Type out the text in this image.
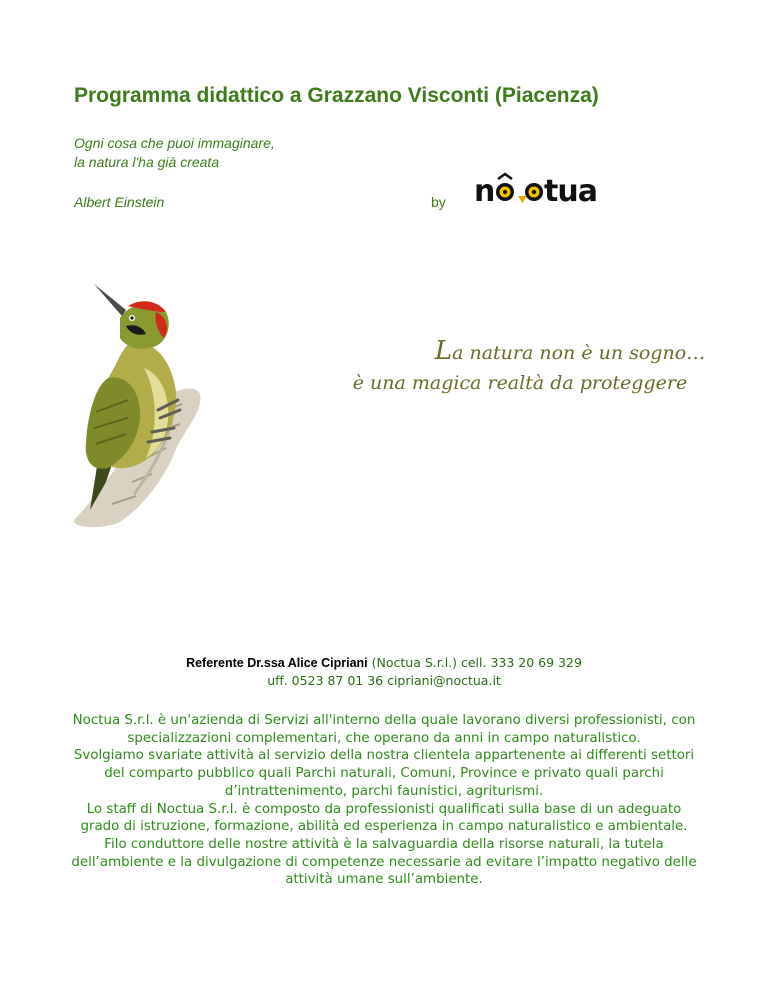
Programma didattico a Grazzano Visconti (Piacenza)
Ogni cosa che puoi immaginare,
la natura l'ha già creata
Albert Einstein	by n tua
La natura non è un sogno…
è una magica realtà da proteggere
Referente Dr.ssa Alice Cipriani (Noctua S.r.l.) cell. 333 20 69 329
uff. 0523 87 01 36 cipriani@noctua.it

Noctua S.r.l. è un'azienda di Servizi all'interno della quale lavorano diversi professionisti, con specializzazioni complementari, che operano da anni in campo naturalistico.

Svolgiamo svariate attività al servizio della nostra clientela appartenente ai differenti settori del comparto pubblico quali Parchi naturali, Comuni, Province e privato quali parchi d’intrattenimento, parchi faunistici, agriturismi.

Lo staff di Noctua S.r.l. è composto da professionisti qualificati sulla base di un adeguato grado di istruzione, formazione, abilità ed esperienza in campo naturalistico e ambientale.

Filo conduttore delle nostre attività è la salvaguardia della risorse naturali, la tutela dell’ambiente e la divulgazione di competenze necessarie ad evitare l’impatto negativo delle attività umane sull’ambiente.
